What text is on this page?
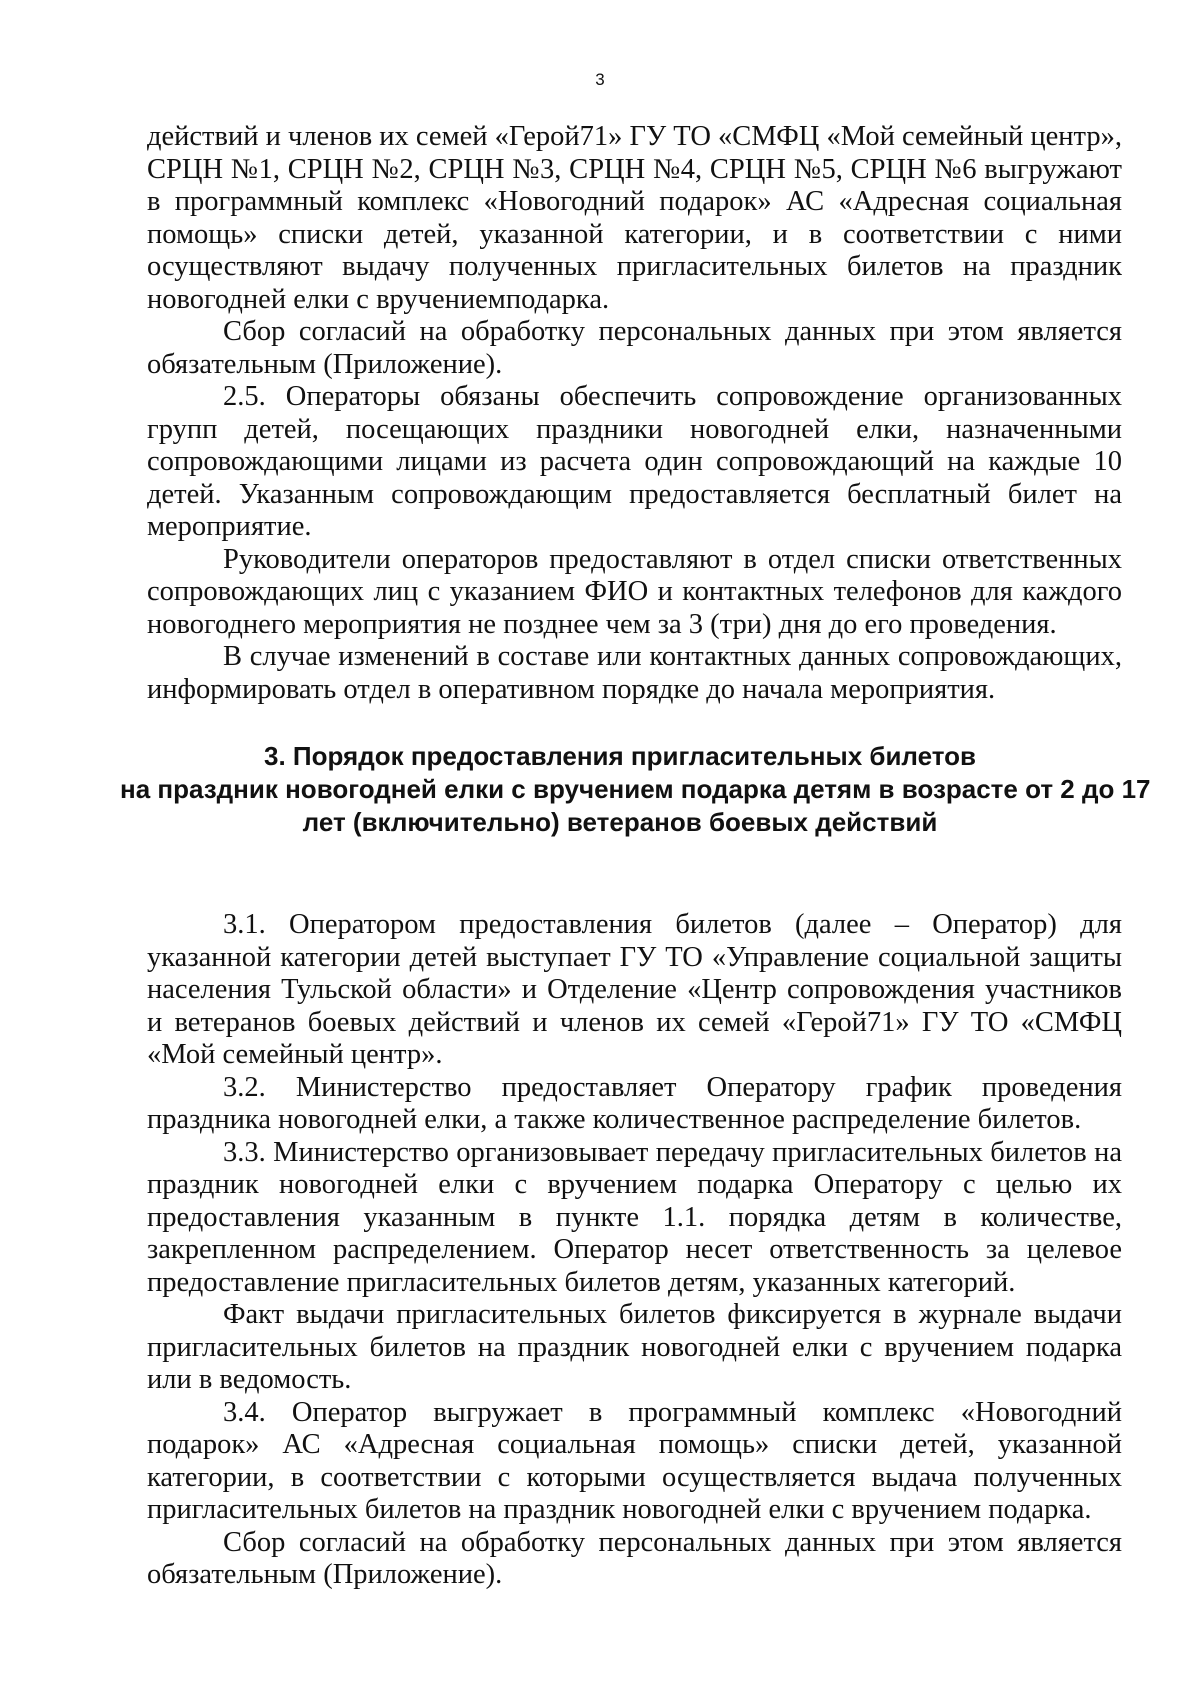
3

действий и членов их семей «Герой71» ГУ ТО «СМФЦ «Мой семейный центр», СРЦН №1, СРЦН №2, СРЦН №3, СРЦН №4, СРЦН №5, СРЦН №6 выгружают в программный комплекс «Новогодний подарок» АС «Адресная социальная помощь» списки детей, указанной категории, и в соответствии с ними осуществляют выдачу полученных пригласительных билетов на праздник новогодней елки с вручениемподарка.

Сбор согласий на обработку персональных данных при этом является обязательным (Приложение).

2.5. Операторы обязаны обеспечить сопровождение организованных групп детей, посещающих праздники новогодней елки, назначенными сопровождающими лицами из расчета один сопровождающий на каждые 10 детей. Указанным сопровождающим предоставляется бесплатный билет на мероприятие.

Руководители операторов предоставляют в отдел списки ответственных сопровождающих лиц с указанием ФИО и контактных телефонов для каждого новогоднего мероприятия не позднее чем за 3 (три) дня до его проведения.

В случае изменений в составе или контактных данных сопровождающих, информировать отдел в оперативном порядке до начала мероприятия.

3. Порядок предоставления пригласительных билетов
на праздник новогодней елки с вручением подарка детям в возрасте от 2 до 17
лет (включительно) ветеранов боевых действий

3.1. Оператором предоставления билетов (далее – Оператор) для указанной категории детей выступает ГУ ТО «Управление социальной защиты населения Тульской области» и Отделение «Центр сопровождения участников и ветеранов боевых действий и членов их семей «Герой71» ГУ ТО «СМФЦ «Мой семейный центр».

3.2. Министерство предоставляет Оператору график проведения праздника новогодней елки, а также количественное распределение билетов.

3.3. Министерство организовывает передачу пригласительных билетов на праздник новогодней елки с вручением подарка Оператору с целью их предоставления указанным в пункте 1.1. порядка детям в количестве, закрепленном распределением. Оператор несет ответственность за целевое предоставление пригласительных билетов детям, указанных категорий.

Факт выдачи пригласительных билетов фиксируется в журнале выдачи пригласительных билетов на праздник новогодней елки с вручением подарка или в ведомость.

3.4. Оператор выгружает в программный комплекс «Новогодний подарок» АС «Адресная социальная помощь» списки детей, указанной категории, в соответствии с которыми осуществляется выдача полученных пригласительных билетов на праздник новогодней елки с вручением подарка.

Сбор согласий на обработку персональных данных при этом является обязательным (Приложение).
